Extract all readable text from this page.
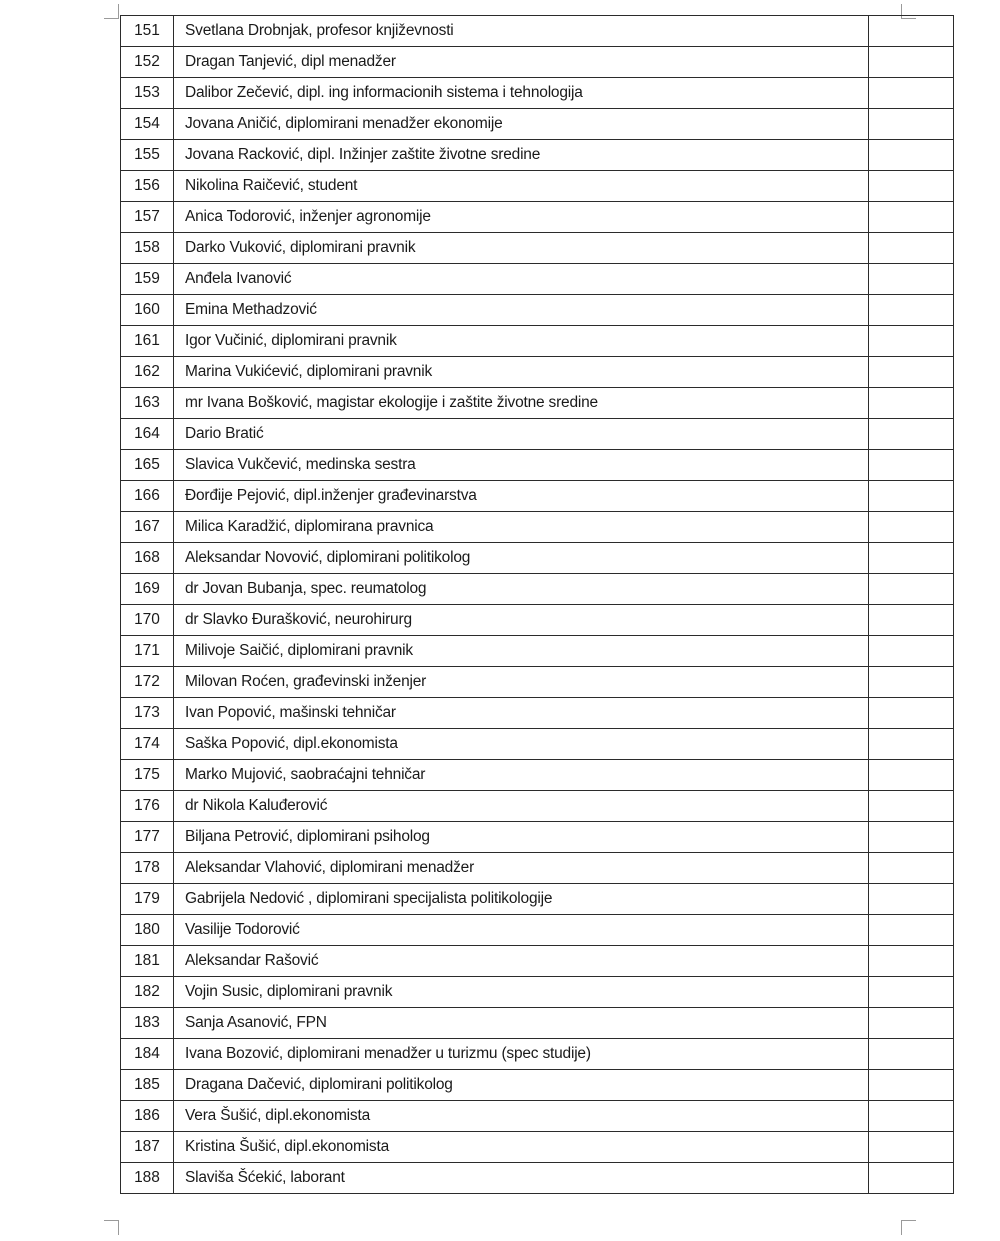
151	Svetlana Drobnjak, profesor književnosti	
152	Dragan Tanjević, dipl menadžer	
153	Dalibor Zečević, dipl. ing informacionih sistema i tehnologija	
154	Jovana Aničić, diplomirani menadžer ekonomije	
155	Jovana Racković, dipl. Inžinjer zaštite životne sredine	
156	Nikolina Raičević, student	
157	Anica Todorović, inženjer agronomije	
158	Darko Vuković, diplomirani pravnik	
159	Anđela Ivanović	
160	Emina Methadzović	
161	Igor Vučinić, diplomirani pravnik	
162	Marina Vukićević, diplomirani pravnik	
163	mr Ivana Bošković, magistar ekologije i zaštite životne sredine	
164	Dario Bratić	
165	Slavica Vukčević, medinska sestra	
166	Đorđije Pejović, dipl.inženjer građevinarstva	
167	Milica Karadžić, diplomirana pravnica	
168	Aleksandar Novović, diplomirani politikolog	
169	dr Jovan Bubanja, spec. reumatolog	
170	dr Slavko Đurašković, neurohirurg	
171	Milivoje Saičić, diplomirani pravnik	
172	Milovan Roćen, građevinski inženjer	
173	Ivan Popović, mašinski tehničar	
174	Saška Popović, dipl.ekonomista	
175	Marko Mujović, saobraćajni tehničar	
176	dr Nikola Kaluđerović	
177	Biljana Petrović, diplomirani psiholog	
178	Aleksandar Vlahović, diplomirani menadžer	
179	Gabrijela Nedović , diplomirani specijalista politikologije	
180	Vasilije Todorović	
181	Aleksandar Rašović	
182	Vojin Susic, diplomirani pravnik	
183	Sanja Asanović, FPN	
184	Ivana Bozović, diplomirani menadžer u turizmu (spec studije)	
185	Dragana Dačević, diplomirani politikolog	
186	Vera Šušić, dipl.ekonomista	
187	Kristina Šušić, dipl.ekonomista	
188	Slaviša Šćekić, laborant	
